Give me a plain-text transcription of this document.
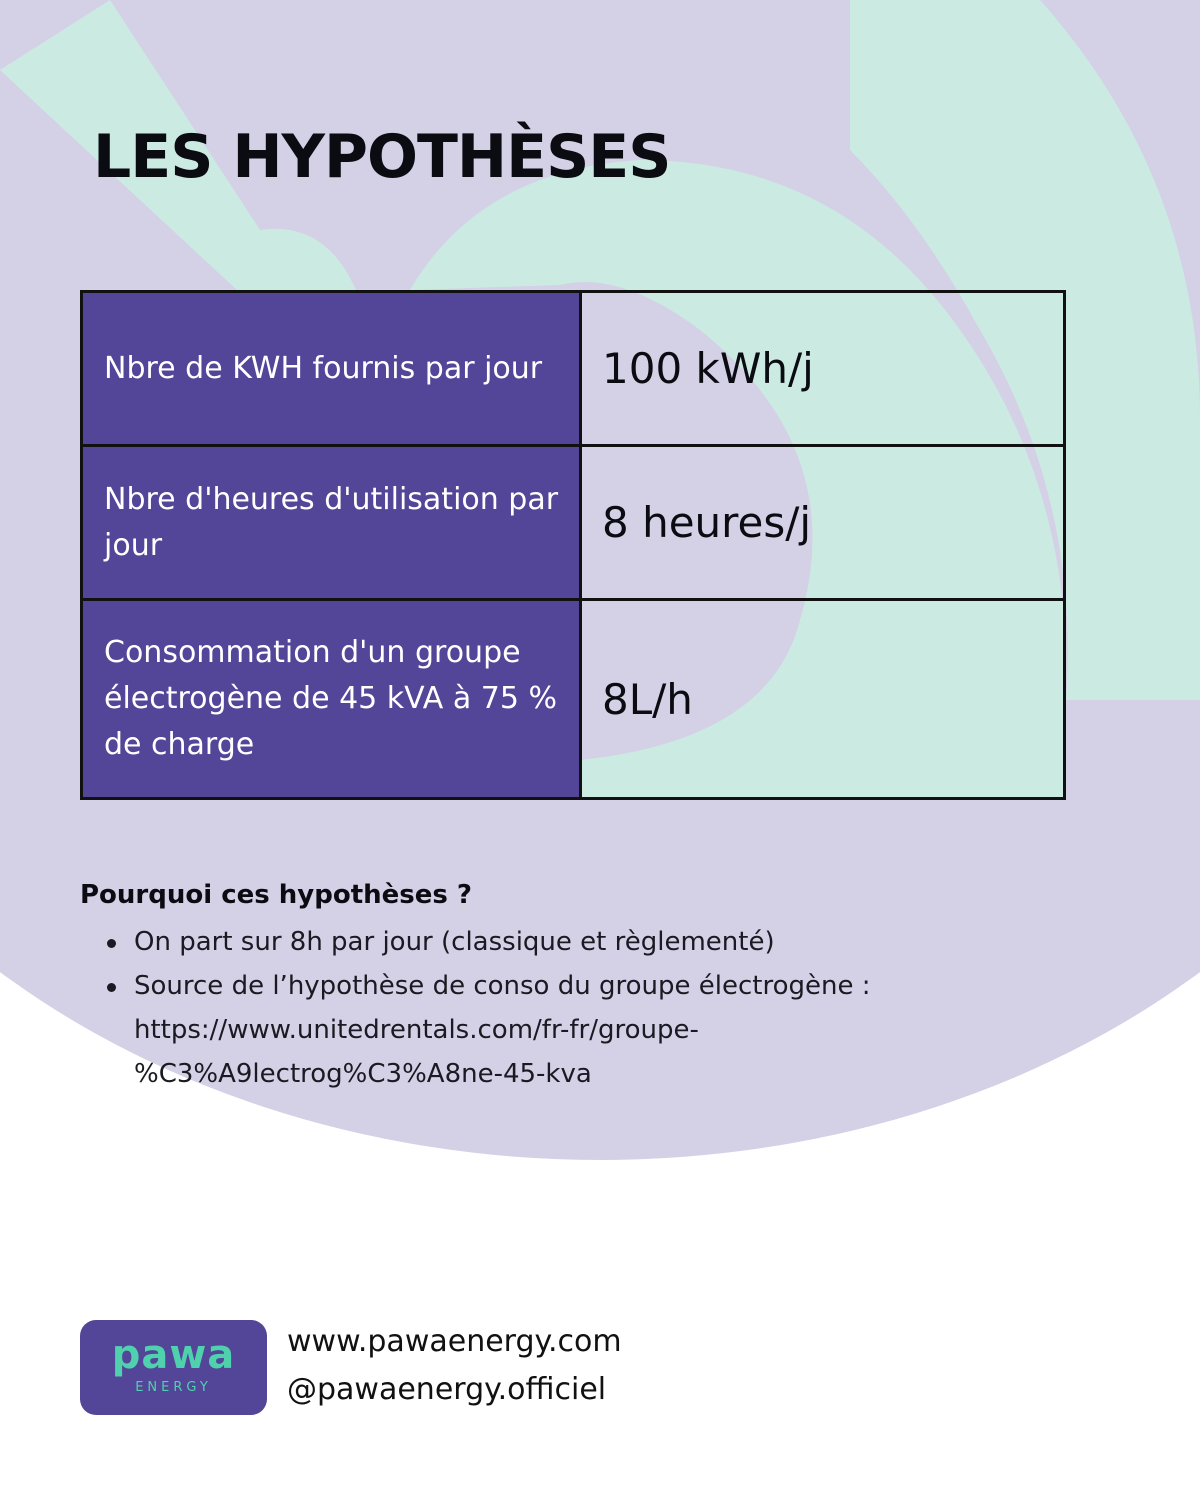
LES HYPOTHÈSES
Nbre de KWH fournis par jour	100 kWh/j
Nbre d'heures d'utilisation par jour	8 heures/j
Consommation d'un groupe électrogène de 45 kVA à 75 % de charge	8L/h
Pourquoi ces hypothèses ?
On part sur 8h par jour (classique et règlementé)
Source de l’hypothèse de conso du groupe électrogène :
https://www.unitedrentals.com/fr-fr/groupe-%C3%A9lectrog%C3%A8ne-45-kva
pawa
ENERGY
www.pawaenergy.com
@pawaenergy.officiel
